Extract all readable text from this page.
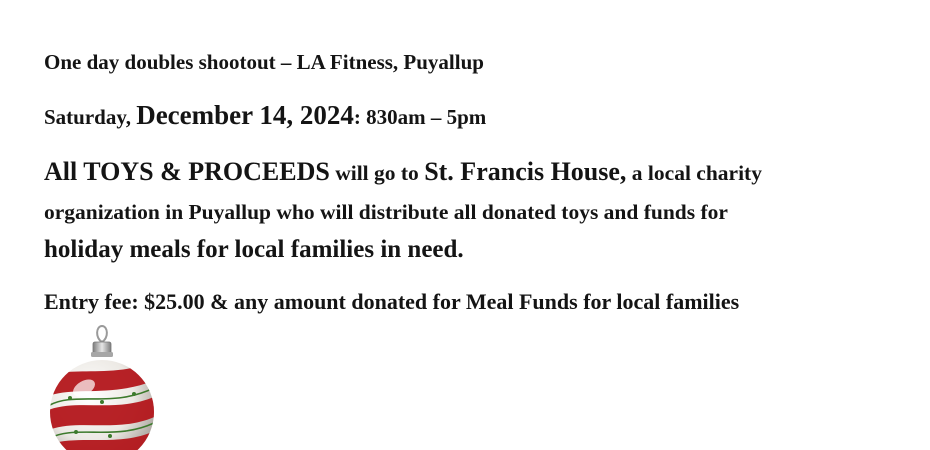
One day doubles shootout – LA Fitness, Puyallup
Saturday, December 14, 2024: 830am – 5pm
All TOYS & PROCEEDS will go to St. Francis House, a local charity
organization in Puyallup who will distribute all donated toys and funds for
holiday meals for local families in need.
Entry fee: $25.00 & any amount donated for Meal Funds for local families
